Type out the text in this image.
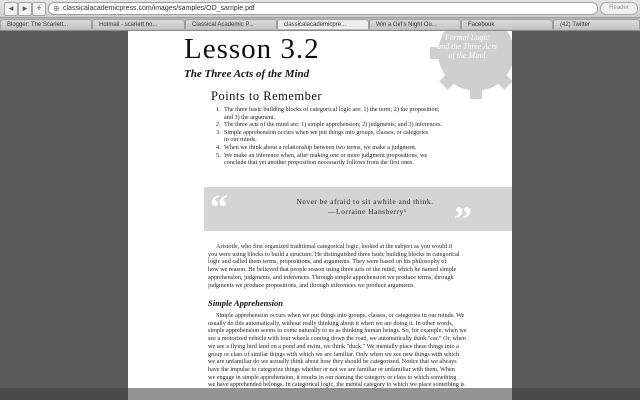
◂	▸	+	⊕ classicalacademicpress.com/images/samples/OD_sample.pdf	Reader
Blogger: The Scarlett...	Hotmail - scarlett.no...	Classical Academic P...	classicalacademicpre...	Win a Girl's Night Ou...	Facebook	(42) Twitter
Formal Logic
and the Three Acts
of the Mind
Lesson 3.2
The Three Acts of the Mind
Points to Remember
1. The three basic building blocks of categorical logic are: 1) the term; 2) the proposition;
and 3) the argument.
2. The three acts of the mind are: 1) simple apprehension; 2) judgments; and 3) inferences.
3. Simple apprehension occurs when we put things into groups, classes, or categories
in our minds.
4. When we think about a relationship between two terms, we make a judgment.
5. We make an inference when, after making one or more judgment propositions, we
conclude that yet another proposition necessarily follows from the first ones.
“	”
Never be afraid to sit awhile and think.
—Lorraine Hansberry¹

Aristotle, who first organized traditional categorical logic, looked at the subject as you would if
you were using blocks to build a structure. He distinguished three basic building blocks in categorical
logic and called them terms, propositions, and arguments. They were based on his philosophy of
how we reason. He believed that people reason using three acts of the mind, which he named simple
apprehension, judgments, and inferences. Through simple apprehension we produce terms, through
judgments we produce propositions, and through inferences we produce arguments.

Simple Apprehension

Simple apprehension occurs when we put things into groups, classes, or categories in our minds. We
usually do this automatically, without really thinking about it when we are doing it. In other words,
simple apprehension seems to come naturally to us as thinking human beings. So, for example, when we
see a motorized vehicle with four wheels coming down the road, we automatically think "car." Or, when
we see a flying bird land on a pond and swim, we think "duck." We mentally place these things into a
group or class of similar things with which we are familiar. Only when we see new things with which
we are unfamiliar do we actually think about how they should be categorized. Notice that we always
have the impulse to categorize things whether or not we are familiar or unfamiliar with them. When
we engage in simple apprehension, it results in our naming the category or class to which something
we have apprehended belongs. In categorical logic, the mental category to which we place something is
